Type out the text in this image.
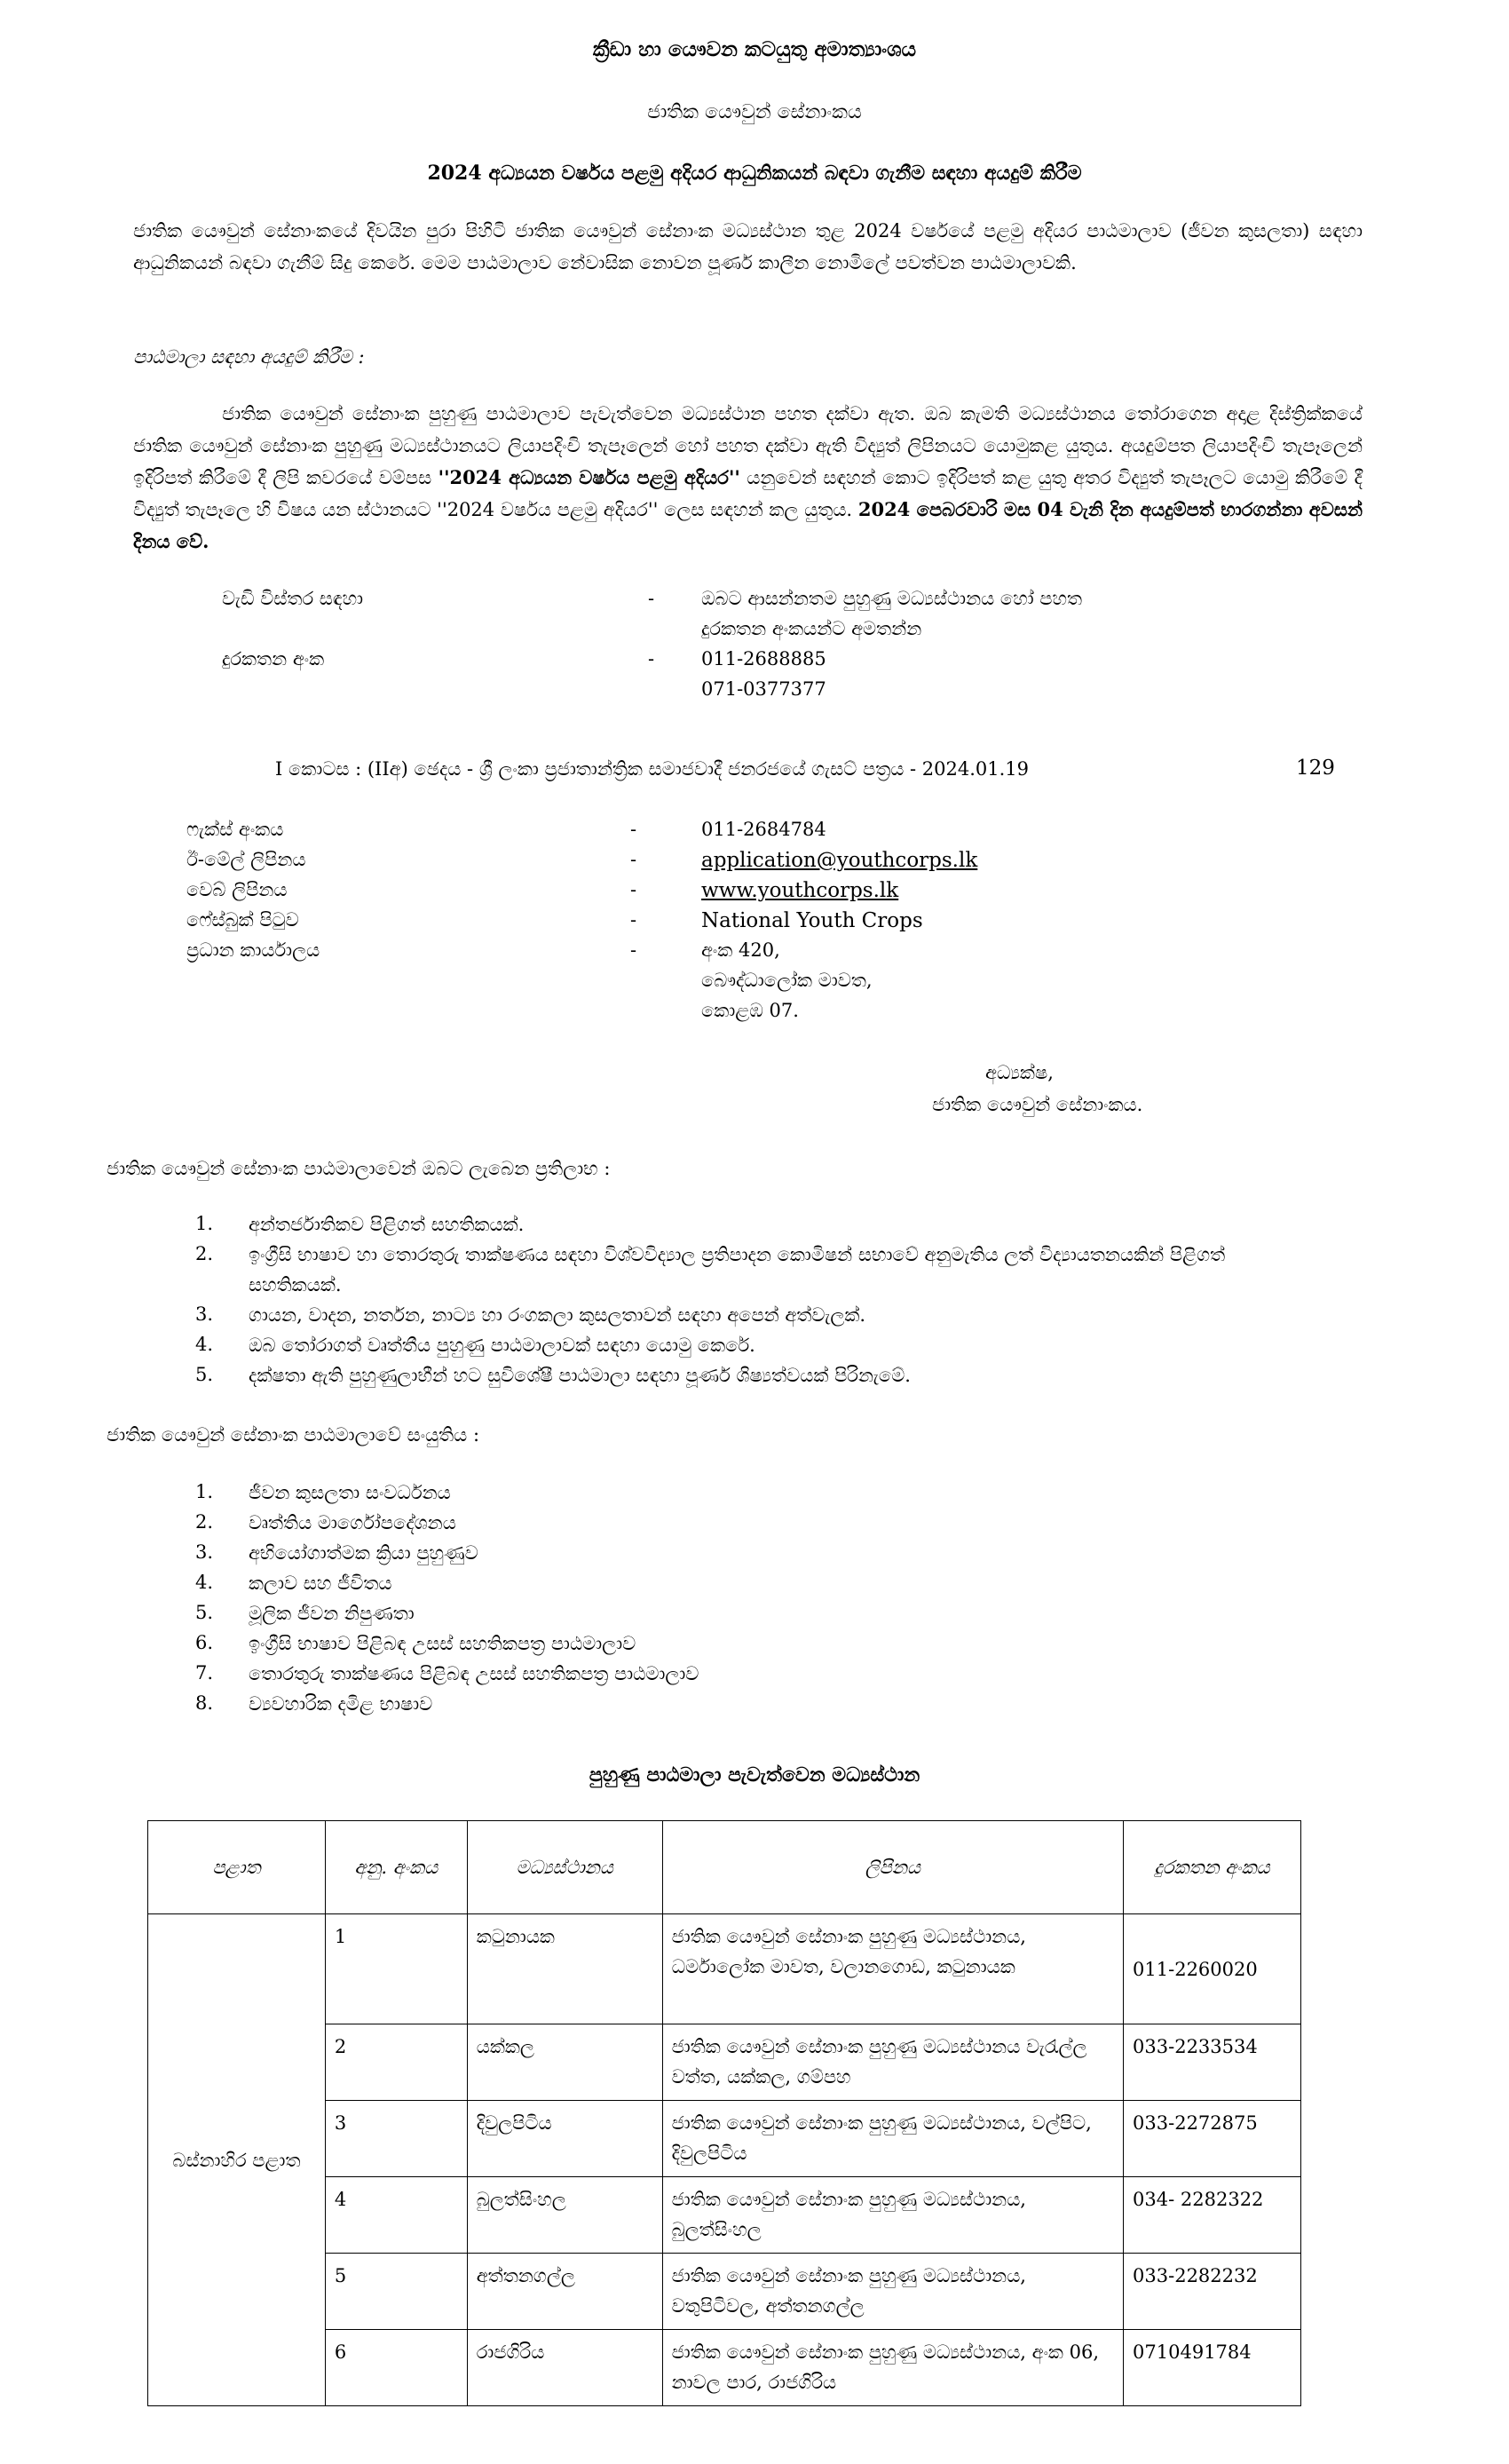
ක්‍රීඩා හා යෞවන කටයුතු අමාත්‍යාංශය
ජාතික යෞවුන් සේනාංකය
2024 අධ්‍යයන වර්ෂය පළමු අදියර ආධුනිකයන් බඳවා ගැනීම සඳහා අයදුම් කිරීම
ජාතික යෞවුන් සේනාංකයේ දිවයින පුරා පිහිටි ජාතික යෞවුන් සේනාංක මධ්‍යස්ථාන තුළ 2024 වර්ෂයේ පළමු අදියර පාඨමාලාව (ජීවන කුසලතා) සඳහා ආධුනිකයන් බඳවා ගැනීම් සිදු කෙරේ. මෙම පාඨමාලාව නේවාසික නොවන පූර්ණ කාලීන නොමිලේ පවත්වන පාඨමාලාවකි.
පාඨමාලා සඳහා අයදුම් කිරීම :
ජාතික යෞවුන් සේනාංක පුහුණු පාඨමාලාව පැවැත්වෙන මධ්‍යස්ථාන පහත දක්වා ඇත. ඔබ කැමති මධ්‍යස්ථානය තෝරාගෙන අදාළ දිස්ත්‍රික්කයේ ජාතික යෞවුන් සේනාංක පුහුණු මධ්‍යස්ථානයට ලියාපදිංචි තැපෑලෙන් හෝ පහත දක්වා ඇති විද්‍යුත් ලිපිනයට යොමුකළ යුතුය. අයදුම්පත ලියාපදිංචි තැපෑලෙන් ඉදිරිපත් කිරීමේ දී ලිපි කවරයේ වම්පස ''2024 අධ්‍යයන වර්ෂය පළමු අදියර'' යනුවෙන් සඳහන් කොට ඉදිරිපත් කළ යුතු අතර විද්‍යුත් තැපෑලට යොමු කිරීමේ දී විද්‍යුත් තැපෑලෙ හි විෂය යන ස්ථානයට ''2024 වර්ෂය පළමු අදියර'' ලෙස සඳහන් කල යුතුය. 2024 පෙබරවාරි මස 04 වැනි දින අයදුම්පත් භාරගන්නා අවසන් දිනය වේ.
වැඩි විස්තර සඳහා	-	ඔබට ආසන්නතම පුහුණු මධ්‍යස්ථානය හෝ පහත
දුරකතන අංකයන්ට අමතන්න
දුරකතන අංක	-	011-2688885
071-0377377
I කොටස : (IIඅ) ඡෙදය - ශ්‍රී ලංකා ප්‍රජාතාන්ත්‍රික සමාජවාදී ජනරජයේ ගැසට් පත්‍රය - 2024.01.19	129
ෆැක්ස් අංකය	-	011-2684784
ඊ-මේල් ලිපිනය	-	application@youthcorps.lk
වෙබ් ලිපිනය	-	www.youthcorps.lk
ෆේස්බුක් පිටුව	-	National Youth Crops
ප්‍රධාන කාර්යාලය	-	අංක 420,
බෞද්ධාලෝක මාවත,
කොළඹ 07.
අධ්‍යක්ෂ,
ජාතික යෞවුන් සේනාංකය.
ජාතික යෞවුන් සේනාංක පාඨමාලාවෙන් ඔබට ලැබෙන ප්‍රතිලාභ :
1. අන්තර්ජාතිකව පිළිගත් සහතිකයක්.
2. ඉංග්‍රීසි භාෂාව හා තොරතුරු තාක්ෂණය සඳහා විශ්වවිද්‍යාල ප්‍රතිපාදන කොමිෂන් සභාවේ අනුමැතිය ලත් විද්‍යායතනයකින් පිළිගත් සහතිකයක්.
3. ගායන, වාදන, නර්තන, නාට්‍ය හා රංගකලා කුසලතාවන් සඳහා අපෙන් අත්වැලක්.
4. ඔබ තෝරාගත් වෘත්තීය පුහුණු පාඨමාලාවක් සඳහා යොමු කෙරේ.
5. දක්ෂතා ඇති පුහුණුලාභීන් හට සුවිශේෂී පාඨමාලා සඳහා පූර්ණ ශිෂ්‍යත්වයක් පිරිනැමේ.
ජාතික යෞවුන් සේනාංක පාඨමාලාවේ සංයුතිය :
1. ජීවන කුසලතා සංවර්ධනය
2. වෘත්තිය මාර්ගෝපදේශනය
3. අභියෝගාත්මක ක්‍රියා පුහුණුව
4. කලාව සහ ජීවිතය
5. මූලික ජීවන නිපුණතා
6. ඉංග්‍රීසි භාෂාව පිළිබඳ උසස් සහතිකපත්‍ර පාඨමාලාව
7. තොරතුරු තාක්ෂණය පිළිබඳ උසස් සහතිකපත්‍ර පාඨමාලාව
8. ව්‍යවහාරික දමිළ භාෂාව
පුහුණු පාඨමාලා පැවැත්වෙන මධ්‍යස්ථාන
පළාත	අනු. අංකය	මධ්‍යස්ථානය	ලිපිනය	දුරකතන අංකය
බස්නාහිර පළාත	1	කටුනායක	ජාතික යෞවුන් සේනාංක පුහුණු මධ්‍යස්ථානය, ධර්මාලෝක මාවත, වලානගොඩ, කටුනායක	011-2260020
	2	යක්කල	ජාතික යෞවුන් සේනාංක පුහුණු මධ්‍යස්ථානය වැරැල්ල වත්ත, යක්කල, ගම්පහ	033-2233534
	3	දිවුලපිටිය	ජාතික යෞවුන් සේනාංක පුහුණු මධ්‍යස්ථානය, වල්පිට, දිවුලපිටිය	033-2272875
	4	බුලත්සිංහල	ජාතික යෞවුන් සේනාංක පුහුණු මධ්‍යස්ථානය, බුලත්සිංහල	034- 2282322
	5	අත්තනගල්ල	ජාතික යෞවුන් සේනාංක පුහුණු මධ්‍යස්ථානය, වතුපිටිවල, අත්තනගල්ල	033-2282232
	6	රාජගිරිය	ජාතික යෞවුන් සේනාංක පුහුණු මධ්‍යස්ථානය, අංක 06, නාවල පාර, රාජගිරිය	0710491784
